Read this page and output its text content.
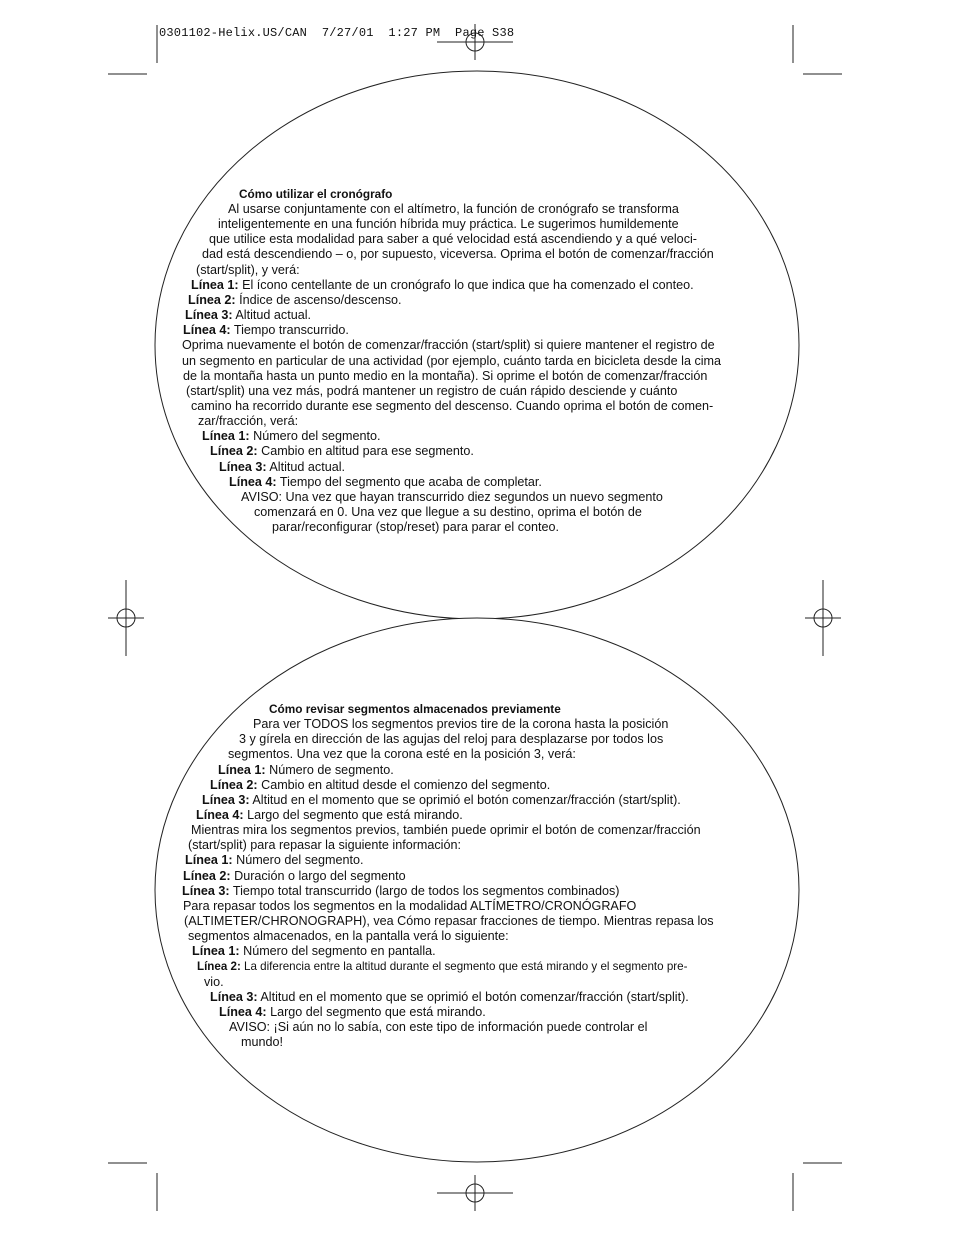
0301102-Helix.US/CAN  7/27/01  1:27 PM  Page S38
Cómo utilizar el cronógrafo
Al usarse conjuntamente con el altímetro, la función de cronógrafo se transforma
inteligentemente en una función híbrida muy práctica. Le sugerimos humildemente
que utilice esta modalidad para saber a qué velocidad está ascendiendo y a qué veloci-
dad está descendiendo – o, por supuesto, viceversa. Oprima el botón de comenzar/fracción
(start/split), y verá:
Línea 1: El ícono centellante de un cronógrafo lo que indica que ha comenzado el conteo.
Línea 2: Índice de ascenso/descenso.
Línea 3: Altitud actual.
Línea 4: Tiempo transcurrido.
Oprima nuevamente el botón de comenzar/fracción (start/split) si quiere mantener el registro de
un segmento en particular de una actividad (por ejemplo, cuánto tarda en bicicleta desde la cima
de la montaña hasta un punto medio en la montaña). Si oprime el botón de comenzar/fracción
(start/split) una vez más, podrá mantener un registro de cuán rápido desciende y cuánto
camino ha recorrido durante ese segmento del descenso. Cuando oprima el botón de comen-
zar/fracción, verá:
Línea 1: Número del segmento.
Línea 2: Cambio en altitud para ese segmento.
Línea 3: Altitud actual.
Línea 4: Tiempo del segmento que acaba de completar.
AVISO: Una vez que hayan transcurrido diez segundos un nuevo segmento
comenzará en 0. Una vez que llegue a su destino, oprima el botón de
parar/reconfigurar (stop/reset) para parar el conteo.
Cómo revisar segmentos almacenados previamente
Para ver TODOS los segmentos previos tire de la corona hasta la posición
3 y gírela en dirección de las agujas del reloj para desplazarse por todos los
segmentos. Una vez que la corona esté en la posición 3, verá:
Línea 1: Número de segmento.
Línea 2: Cambio en altitud desde el comienzo del segmento.
Línea 3: Altitud en el momento que se oprimió el botón comenzar/fracción (start/split).
Línea 4: Largo del segmento que está mirando.
Mientras mira los segmentos previos, también puede oprimir el botón de comenzar/fracción
(start/split) para repasar la siguiente información:
Línea 1: Número del segmento.
Línea 2: Duración o largo del segmento
Línea 3: Tiempo total transcurrido (largo de todos los segmentos combinados)
Para repasar todos los segmentos en la modalidad ALTÍMETRO/CRONÓGRAFO
(ALTIMETER/CHRONOGRAPH), vea Cómo repasar fracciones de tiempo. Mientras repasa los
segmentos almacenados, en la pantalla verá lo siguiente:
Línea 1: Número del segmento en pantalla.
Línea 2: La diferencia entre la altitud durante el segmento que está mirando y el segmento pre-
vio.
Línea 3: Altitud en el momento que se oprimió el botón comenzar/fracción (start/split).
Línea 4: Largo del segmento que está mirando.
AVISO: ¡Si aún no lo sabía, con este tipo de información puede controlar el
mundo!
